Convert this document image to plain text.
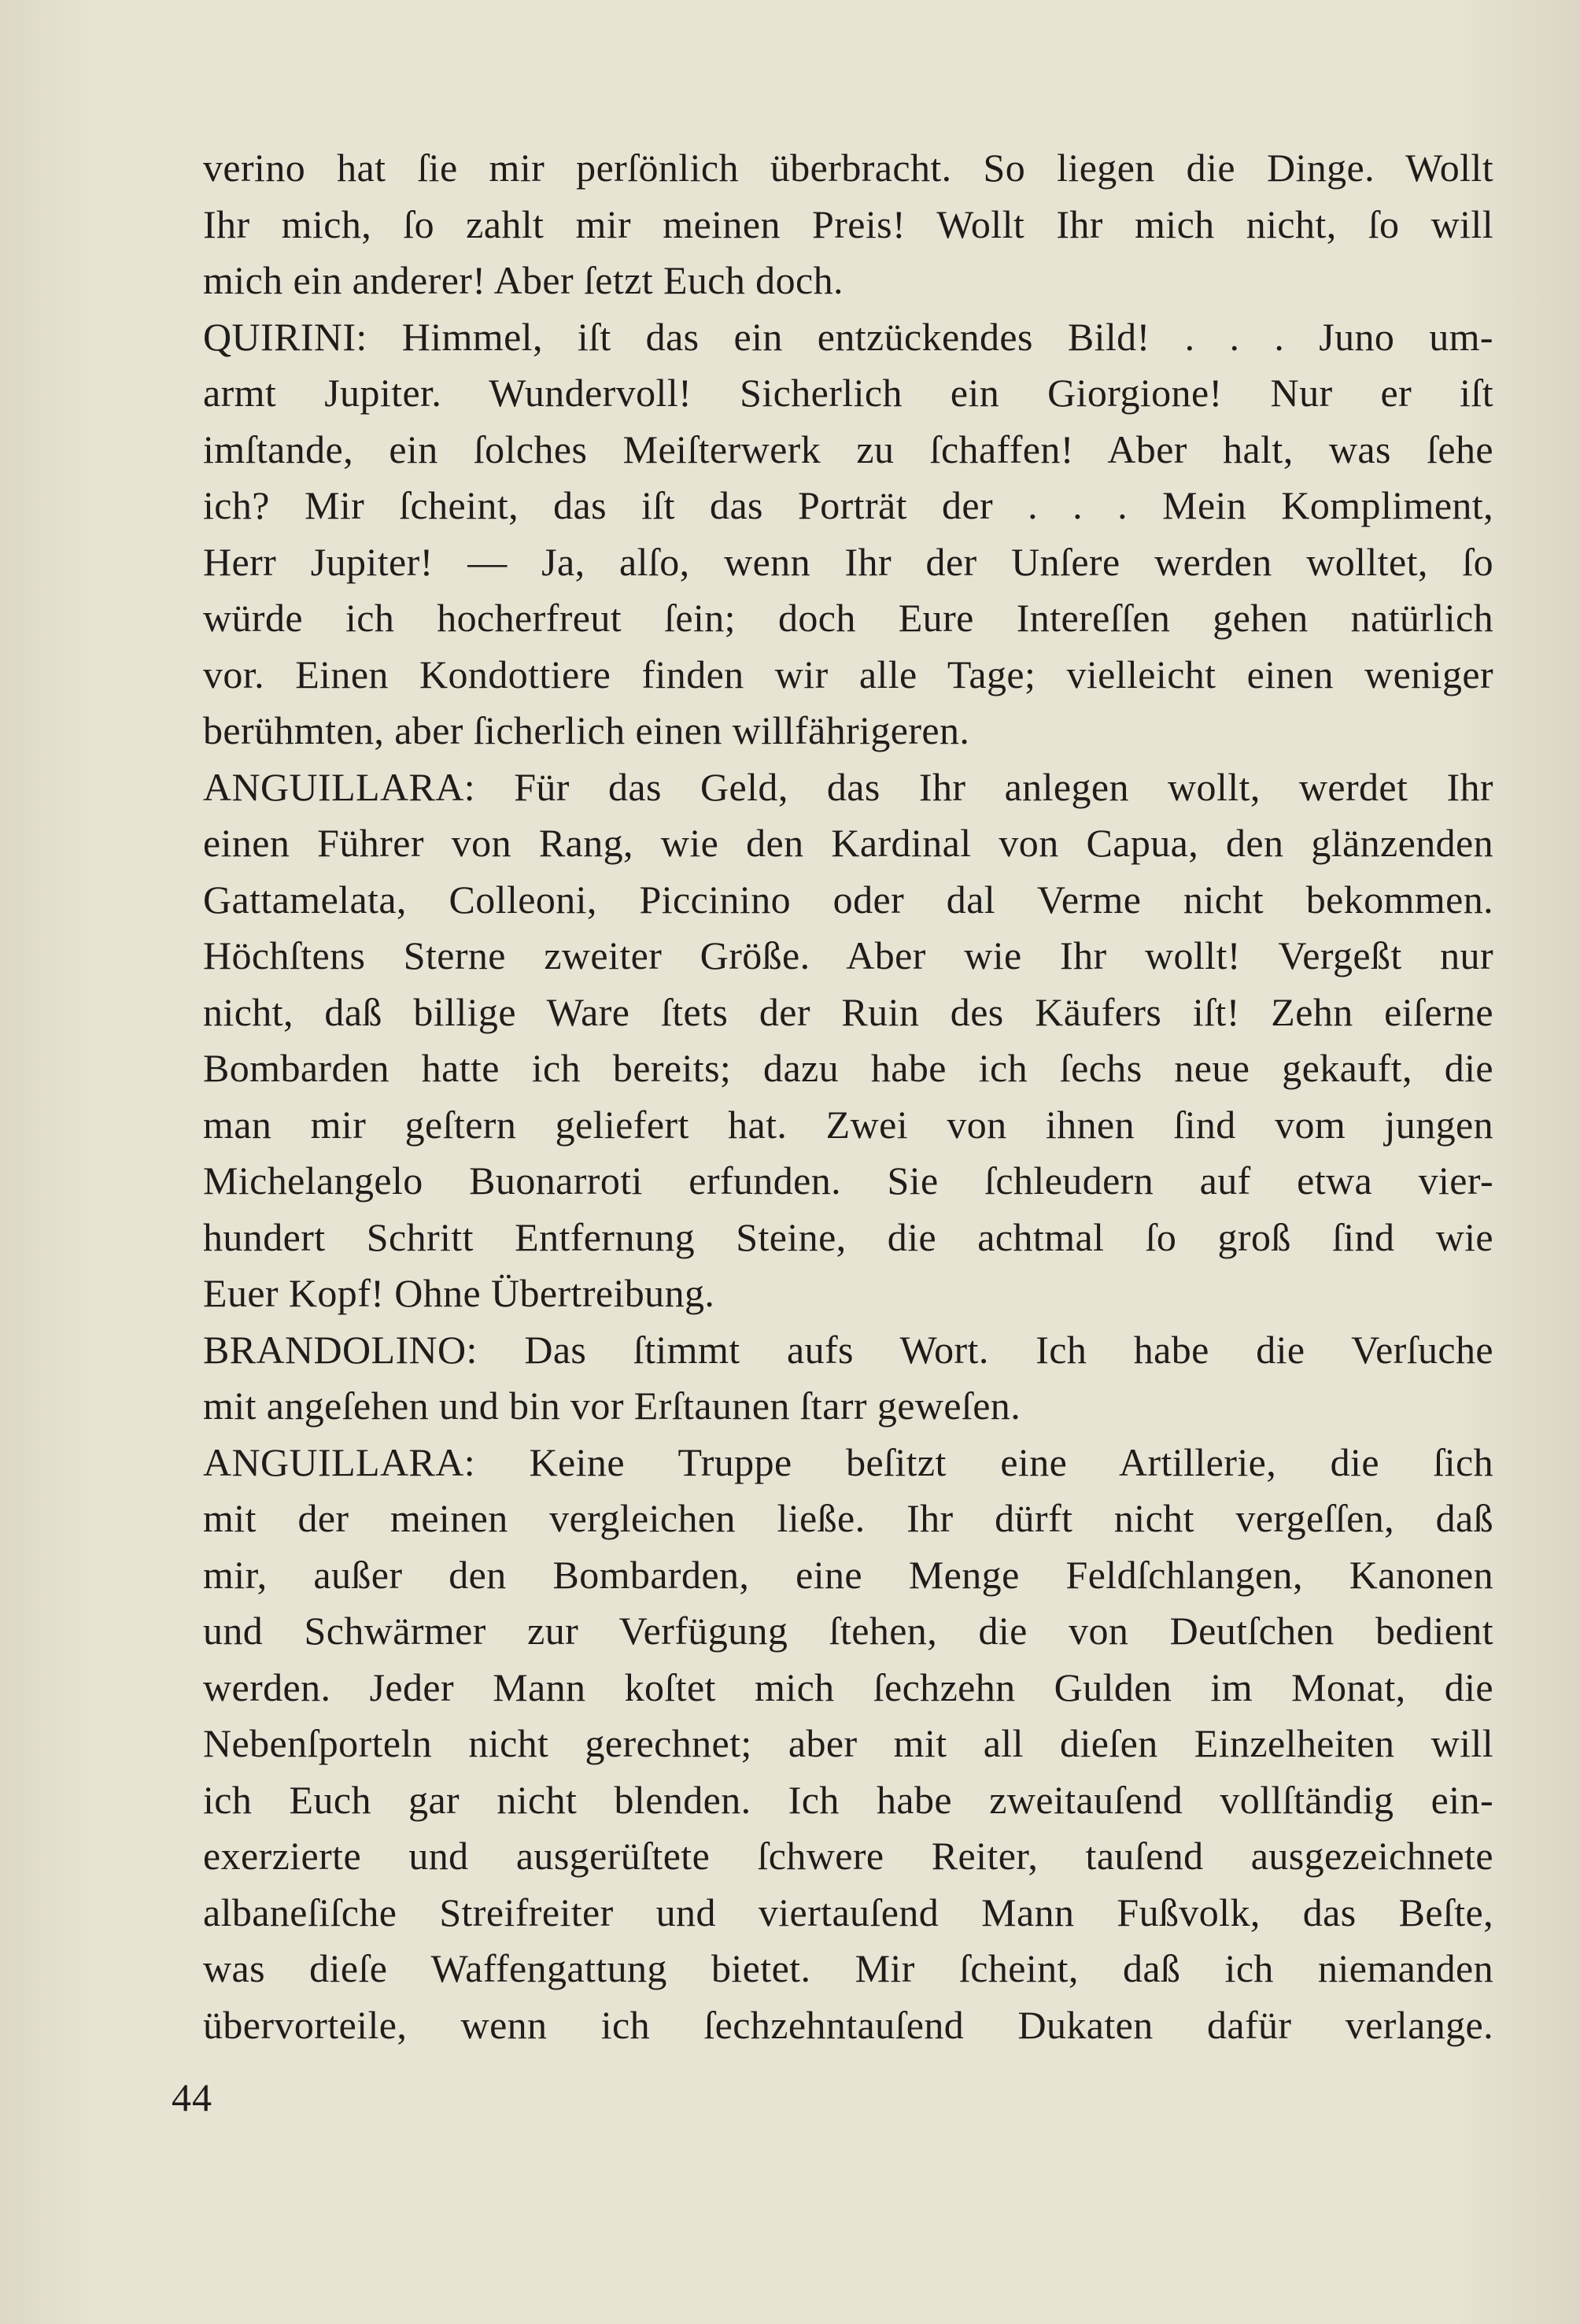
verino hat ſie mir perſönlich überbracht. So liegen die Dinge. Wollt
Ihr mich, ſo zahlt mir meinen Preis! Wollt Ihr mich nicht, ſo will
mich ein anderer! Aber ſetzt Euch doch.
QUIRINI: Himmel, iſt das ein entzückendes Bild! . . . Juno um-
armt Jupiter. Wundervoll! Sicherlich ein Giorgione! Nur er iſt
imſtande, ein ſolches Meiſterwerk zu ſchaffen! Aber halt, was ſehe
ich? Mir ſcheint, das iſt das Porträt der . . . Mein Kompliment,
Herr Jupiter! — Ja, alſo, wenn Ihr der Unſere werden wolltet, ſo
würde ich hocherfreut ſein; doch Eure Intereſſen gehen natürlich
vor. Einen Kondottiere finden wir alle Tage; vielleicht einen weniger
berühmten, aber ſicherlich einen willfährigeren.
ANGUILLARA: Für das Geld, das Ihr anlegen wollt, werdet Ihr
einen Führer von Rang, wie den Kardinal von Capua, den glänzenden
Gattamelata, Colleoni, Piccinino oder dal Verme nicht bekommen.
Höchſtens Sterne zweiter Größe. Aber wie Ihr wollt! Vergeßt nur
nicht, daß billige Ware ſtets der Ruin des Käufers iſt! Zehn eiſerne
Bombarden hatte ich bereits; dazu habe ich ſechs neue gekauft, die
man mir geſtern geliefert hat. Zwei von ihnen ſind vom jungen
Michelangelo Buonarroti erfunden. Sie ſchleudern auf etwa vier-
hundert Schritt Entfernung Steine, die achtmal ſo groß ſind wie
Euer Kopf! Ohne Übertreibung.
BRANDOLINO: Das ſtimmt aufs Wort. Ich habe die Verſuche
mit angeſehen und bin vor Erſtaunen ſtarr geweſen.
ANGUILLARA: Keine Truppe beſitzt eine Artillerie, die ſich
mit der meinen vergleichen ließe. Ihr dürft nicht vergeſſen, daß
mir, außer den Bombarden, eine Menge Feldſchlangen, Kanonen
und Schwärmer zur Verfügung ſtehen, die von Deutſchen bedient
werden. Jeder Mann koſtet mich ſechzehn Gulden im Monat, die
Nebenſporteln nicht gerechnet; aber mit all dieſen Einzelheiten will
ich Euch gar nicht blenden. Ich habe zweitauſend vollſtändig ein-
exerzierte und ausgerüſtete ſchwere Reiter, tauſend ausgezeichnete
albaneſiſche Streifreiter und viertauſend Mann Fußvolk, das Beſte,
was dieſe Waffengattung bietet. Mir ſcheint, daß ich niemanden
übervorteile, wenn ich ſechzehntauſend Dukaten dafür verlange.
44
